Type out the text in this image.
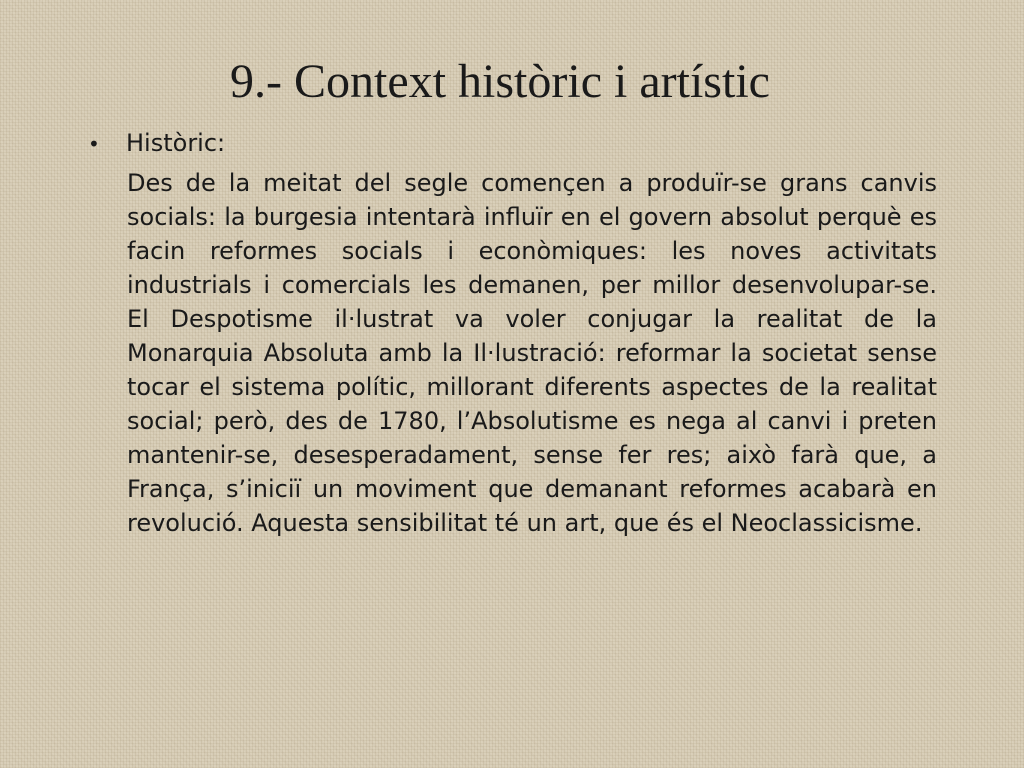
9.- Context històric i artístic
• Històric:

Des de la meitat del segle començen a produïr-se grans canvis socials: la burgesia intentarà influïr en el govern absolut perquè es facin reformes socials i econòmiques: les noves activitats industrials i comercials les demanen, per millor desenvolupar-se. El Despotisme il·lustrat va voler conjugar la realitat de la Monarquia Absoluta amb la Il·lustració: reformar la societat sense tocar el sistema polític, millorant diferents aspectes de la realitat social; però, des de 1780, l’Absolutisme es nega al canvi i preten mantenir-se, desesperadament, sense fer res; això farà que, a França, s’iniciï un moviment que demanant reformes acabarà en revolució. Aquesta sensibilitat té un art, que és el Neoclassicisme.
